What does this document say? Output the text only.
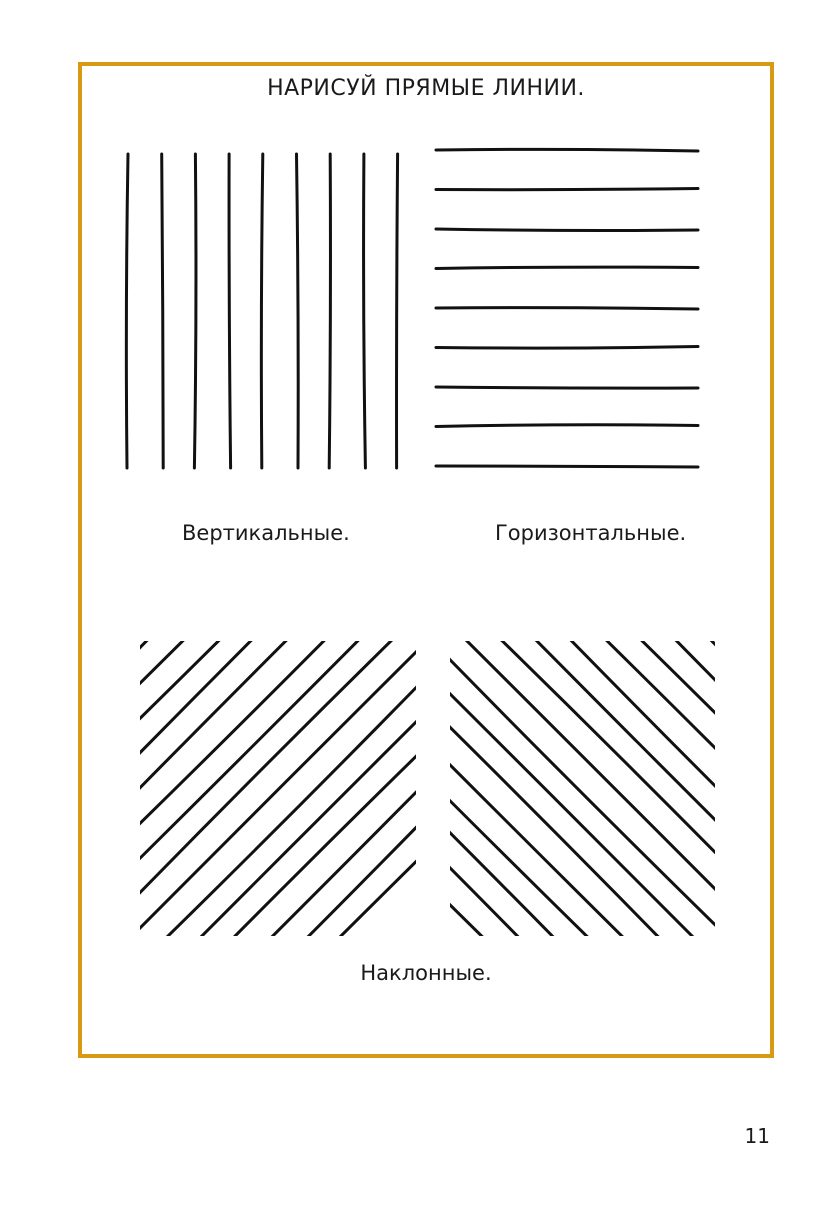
НАРИСУЙ ПРЯМЫЕ ЛИНИИ.

Вертикальные.	Горизонтальные.

Наклонные.

11
